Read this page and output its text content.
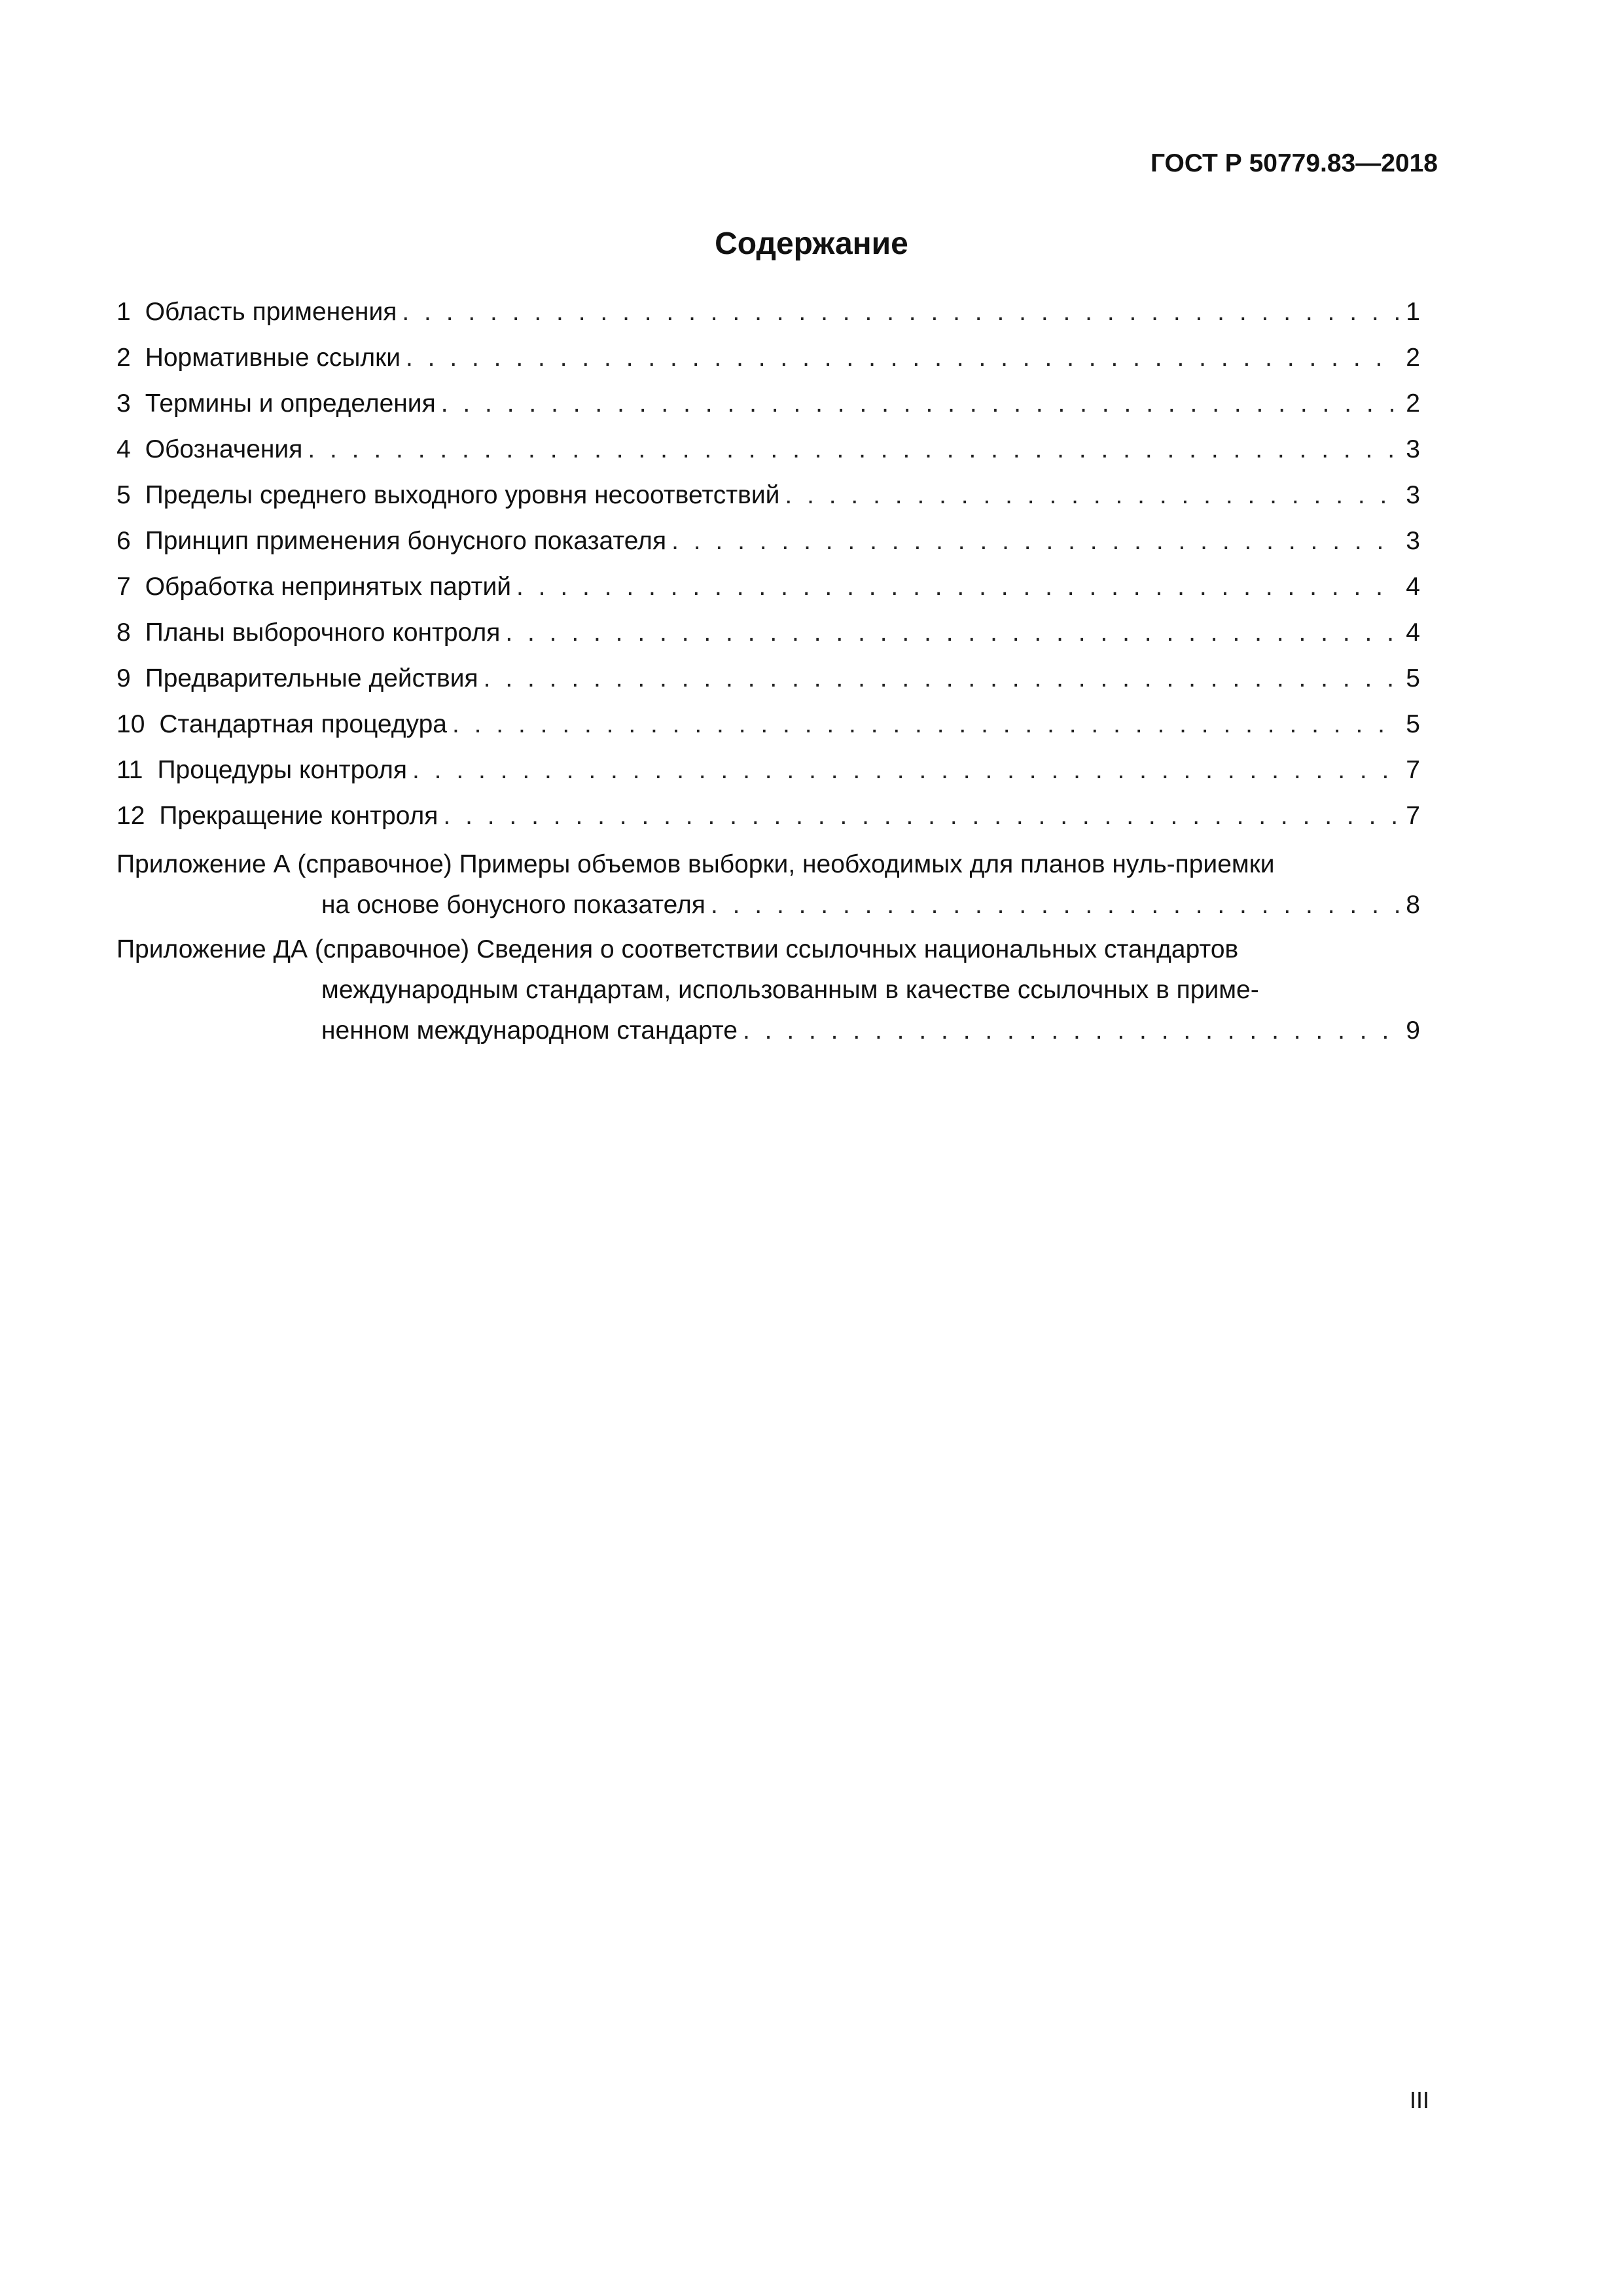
ГОСТ Р 50779.83—2018
Содержание
1 Область применения . . .	1
2 Нормативные ссылки . . .	2
3 Термины и определения . . .	2
4 Обозначения . . .	3
5 Пределы среднего выходного уровня несоответствий . . .	3
6 Принцип применения бонусного показателя . . .	3
7 Обработка непринятых партий . . .	4
8 Планы выборочного контроля . . .	4
9 Предварительные действия . . .	5
10 Стандартная процедура . . .	5
11 Процедуры контроля . . .	7
12 Прекращение контроля . . .	7
Приложение А (справочное) Примеры объемов выборки, необходимых для планов нуль-приемки
на основе бонусного показателя . . .	8
Приложение ДА (справочное) Сведения о соответствии ссылочных национальных стандартов
международным стандартам, использованным в качестве ссылочных в приме-
ненном международном стандарте . . .	9
III
